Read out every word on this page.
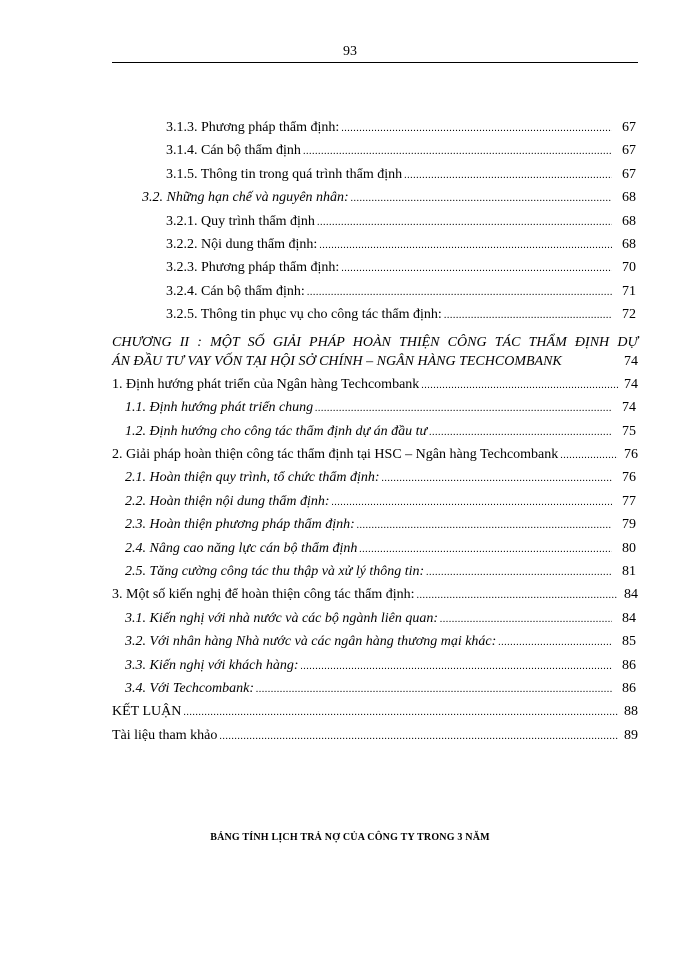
93
3.1.3. Phương pháp thẩm định: .....	67
3.1.4. Cán bộ thẩm định .....	67
3.1.5. Thông tin trong quá trình thẩm định .....	67
3.2. Những hạn chế và nguyên nhân: .....	68
3.2.1. Quy trình thẩm định .....	68
3.2.2. Nội dung thẩm định: .....	68
3.2.3. Phương pháp thẩm định: .....	70
3.2.4. Cán bộ thẩm định: .....	71
3.2.5. Thông tin phục vụ cho công tác thẩm định: .....	72
CHƯƠNG II : MỘT SỐ GIẢI PHÁP HOÀN THIỆN CÔNG TÁC THẨM ĐỊNH DỰ
ÁN ĐẦU TƯ VAY VỐN TẠI HỘI SỞ CHÍNH – NGÂN HÀNG TECHCOMBANK	74
1. Định hướng phát triển của Ngân hàng Techcombank .....	74
1.1. Định hướng phát triển chung .....	74
1.2. Định hướng cho công tác thẩm định dự án đầu tư .....	75
2. Giải pháp hoàn thiện công tác thẩm định tại HSC – Ngân hàng Techcombank .....	76
2.1. Hoàn thiện quy trình, tổ chức thẩm định: .....	76
2.2. Hoàn thiện nội dung thẩm định: .....	77
2.3. Hoàn thiện phương pháp thẩm định: .....	79
2.4. Nâng cao năng lực cán bộ thẩm định .....	80
2.5. Tăng cường công tác thu thập và xử lý thông tin: .....	81
3. Một số kiến nghị để hoàn thiện công tác thẩm định: .....	84
3.1. Kiến nghị với nhà nước và các bộ ngành liên quan: .....	84
3.2. Với nhân hàng Nhà nước và các ngân hàng thương mại khác: .....	85
3.3. Kiến nghị với khách hàng: .....	86
3.4. Với Techcombank: .....	86
KẾT LUẬN .....	88
Tài liệu tham khảo .....	89
BẢNG TÍNH LỊCH TRẢ NỢ CỦA CÔNG TY TRONG 3 NĂM
